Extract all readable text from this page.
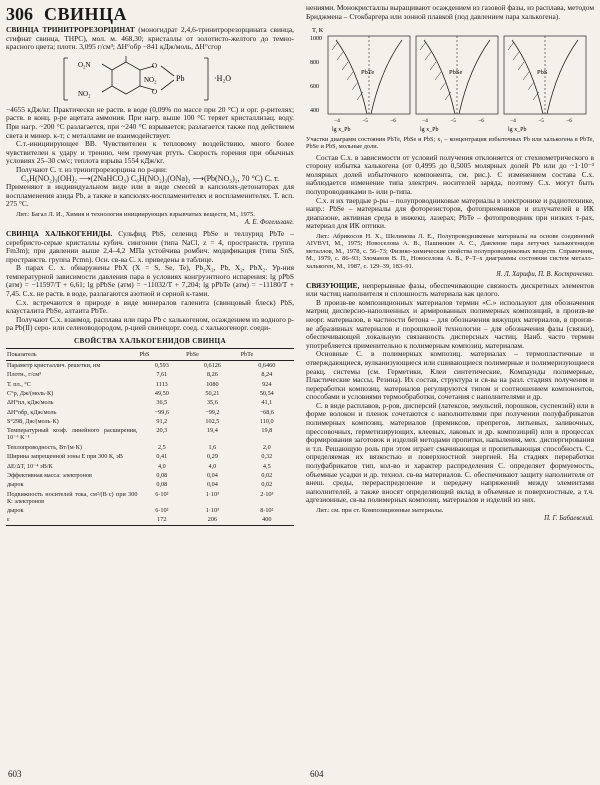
306 СВИНЦА

СВИНЦА ТРИНИТРОРЕЗОРЦИНАТ (моногидрат 2,4,6-тринитрорезорцината свинца, стифнат свинца, ТНРС), мол. м. 468,30; кристаллы от золотисто-желтого до темно-красного цвета; плотн. 3,095 г/см³; ΔH°обр −841 кДж/моль, ΔH°сгор

O
O
O₂N
NO₂
NO₂ Pb	·H₂O

−4655 кДж/кг. Практически не раств. в воде (0,09% по массе при 20 °С) и орг. р-рителях; раств. в конц. р-ре ацетата аммония. При нагр. выше 100 °С теряет кристаллизац. воду. При нагр. ~200 °С разлагается, при ~240 °С взрывается; разлагается также под действием света и минер. к-т; с металлами не взаимодействует.

С.т.-инициирующее ВВ. Чувствителен к тепловому воздействию, много более чувствителен к удару и трению, чем гремучая ртуть. Скорость горения при обычных условиях 25–30 см/с; теплота взрыва 1554 кДж/кг.

Получают С. т. из тринитрорезорцина по р-ции:

C₆H(NO₂)₃(OH)₂ ⟶(2NaHCO₃) C₆H(NO₂)₃(ONa)₂ ⟶(Pb(NO₃)₂, 70 °C) С. т.

Применяют в индивидуальном виде или в виде смесей в капсюлях-детонаторах для воспламенения азида Рb, а также в капсюлях-воспламенителях и воспламенителях. Т. всп. 275 °С.

Лит.: Багал Л. И., Химия и технология инициирующих взрывчатых веществ, М., 1975.

А. Е. Фогельзанг.

СВИНЦА ХАЛЬКОГЕНИДЫ. Сульфид PbS, селенид PbSe и теллурид PbTe – серебристо-серые кристаллы кубич. сингонии (типа NaCl, z = 4, пространств. группа Fm3m); при давлении выше 2,4–4,2 МПа устойчива ромбич. модификация (типа SnS, пространств. группа Pcmn). Осн. св-ва С. х. приведены в таблице.

В парах С. х. обнаружены PbX (X = S, Se, Te), Pb₂X₂, Pb, X₂, PbX₂. Ур-ния температурной зависимости давления пара в условиях конгруэнтного испарения: lg pPbS (атм) = −11597/T + 6,61; lg pPbSe (атм) = −11032/T + 7,204; lg pPbTe (атм) = −11180/T + 7,45. С.х. не раств. в воде, разлагаются азотной и серной к-тами.

С.х. встречаются в природе в виде минералов галенита (свинцовый блеск) PbS, клаусталита PbSe, алтаита PbTe.

Получают С.х. взаимод. расплава или пара Pb с халькогеном, осаждением из водного р-ра Pb(II) серо- или селеноводородом, р-цией свинецорг. соед. с халькогенорг. соеди-

СВОЙСТВА ХАЛЬКОГЕНИДОВ СВИНЦА

Показатель	PbS	PbSe	PbTe
Параметр кристаллич. решетки, нм	0,593	0,6126	0,6460
Плотн., г/см³	7,61	8,26	8,24
Т. пл., °С	1113	1080	924
C°p, Дж/(моль·К)	49,50	50,21	50,54
ΔH°пл, кДж/моль	36,5	35,6	41,1
ΔH°обр, кДж/моль	−99,6	−99,2	−68,6
S°298, Дж/(моль·К)	91,2	102,5	110,0
Температурный коэф. линейного расширения, 10⁻⁶ K⁻¹	20,3	19,4	19,8
Теплопроводность, Вт/(м·К)	2,5	1,6	2,0
Ширина запрещенной зоны Е при 300 К, эВ	0,41	0,29	0,32
ΔE/ΔT, 10⁻⁴ эВ/К	4,0	4,0	4,5
Эффективная масса: электронов	0,08	0,04	0,02
дырок	0,08	0,04	0,02
Подвижность носителей тока, см²/(В·с) при 300 К: электронов	6·10²	1·10³	2·10³
дырок	6·10²	1·10³	8·10²
ε	172	206	400

нениями. Монокристаллы выращивают осаждением из газовой фазы, из расплава, методом Бриджмена – Стокбаргера или зонной плавкой (под давлением пара халькогена).

T, К
1000
800
600
400
PbTe
−4	−5	−6
lg x_Pb
PbSe
−4	−5	−6
lg x_Pb
PbS
−4	−5	−6
lg x_Pb

Участки диаграмм состояния PbTe, PbSe и PbS; x₁ – концентрация избыточных Pb или халькогена в PbTe, PbSe и PbS, мольные доли.

Состав С.х. в зависимости от условий получения отклоняется от стехиометрического в сторону избытка халькогена (от 0,4995 до 0,5005 молярных долей Pb или до ~1·10⁻³ молярных долей избыточного компонента, см. рис.). С изменением состава С.х. наблюдается изменение типа электрич. носителей заряда, поэтому С.х. могут быть полупроводниками n- или p-типа.

С.х. и их твердые р-ры – полупроводниковые материалы в электронике и радиотехнике, напр.: PbSe – материалы для фоторезисторов, фотоприемников и излучателей в ИК диапазоне, активная среда в инжекц. лазерах; PbTe – фотопроводник при низких т-рах, материал для ИК оптики.

Лит.: Абрикосов Н. Х., Шелимова Л. Е., Полупроводниковые материалы на основе соединений AIVBVI, М., 1975; Новоселова А. В., Пашинкин А. С., Давление пара летучих халькогенидов металлов, М., 1978, с. 56–73; Физико-химические свойства полупроводниковых веществ. Справочник, М., 1979, с. 86–93; Зломанов В. П., Новоселова А. В., P–T–x диаграммы состояния систем металл–халькоген, М., 1987, с. 129–39, 183–91.

Я. Л. Харифи, П. В. Костриченко.

СВЯЗУЮЩИЕ, непрерывные фазы, обеспечивающие связность дискретных элементов или частиц наполнителя и сплошность материала как целого.

В произв-ве композиционных материалов термин «С.» используют для обозначения матриц дисперсно-наполненных и армированных полимерных композиций, в произв-ве неорг. материалов, в частности бетона – для обозначения вяжущих материалов, в произв-ве абразивных материалов и порошковой технологии – для обозначения фазы (связки), обеспечивающей локальную связанность дисперсных частиц. Нанб. часто термин употребляется применительно к полимерным композиц. материалам.

Основные С. в полимерных композиц. материалах – термопластичные и отверждающиеся, вулканизующиеся или сшивающиеся полимерные и полимеризующиеся реакц. системы (см. Герметики, Клеи синтетические, Компаунды полимерные, Пластические массы, Резина). Их состав, структура и св-ва на разл. стадиях получения и переработки композиц. материалов регулируются типом и соотношением компонентов, способами и условиями термообработки, сочетания с наполнителями и др.

С. в виде расплавов, р-ров, дисперсий (латексов, эмульсий, порошков, суспензий) или в форме волокон и пленок сочетаются с наполнителями при получении полуфабрикатов полимерных композиц. материалов (премиксов, препрегов, литьевых, заливочных, прессовочных, герметизирующих, клеевых, лаковых и др. композиций) или в процессах формирования заготовок и изделий методами пропитки, напыления, мех. диспергирования и т.п. Решающую роль при этом играет смачивающая и пропитывающая способность С., определяемая их вязкостью и поверхностной энергией. На стадиях переработки полуфабрикатов тип, кол-во и характер распределения С. определяет формуемость, объемные усадки и др. технол. св-ва материалов. С. обеспечивают защиту наполнителя от внеш. среды, перераспределение и передачу напряжений между элементами наполнителей, а также вносят определяющий вклад в объемные и поверхностные, а т.ч. адгезионные, св-ва полимерных композиц. материалов и изделий из них.

Лит.: см. при ст. Композиционные материалы.

П. Г. Бабаевский.

603	604
